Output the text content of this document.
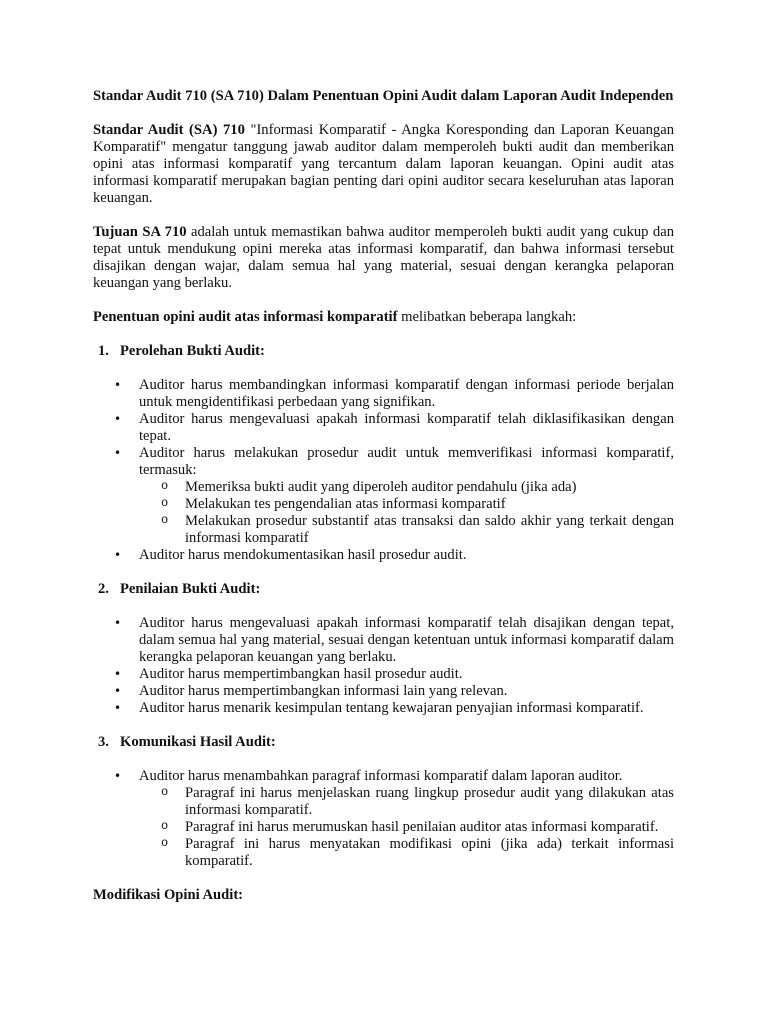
Standar Audit 710 (SA 710) Dalam Penentuan Opini Audit dalam Laporan Audit Independen

Standar Audit (SA) 710 "Informasi Komparatif - Angka Koresponding dan Laporan Keuangan Komparatif" mengatur tanggung jawab auditor dalam memperoleh bukti audit dan memberikan opini atas informasi komparatif yang tercantum dalam laporan keuangan. Opini audit atas informasi komparatif merupakan bagian penting dari opini auditor secara keseluruhan atas laporan keuangan.

Tujuan SA 710 adalah untuk memastikan bahwa auditor memperoleh bukti audit yang cukup dan tepat untuk mendukung opini mereka atas informasi komparatif, dan bahwa informasi tersebut disajikan dengan wajar, dalam semua hal yang material, sesuai dengan kerangka pelaporan keuangan yang berlaku.

Penentuan opini audit atas informasi komparatif melibatkan beberapa langkah:

1. Perolehan Bukti Audit:

• Auditor harus membandingkan informasi komparatif dengan informasi periode berjalan untuk mengidentifikasi perbedaan yang signifikan.
• Auditor harus mengevaluasi apakah informasi komparatif telah diklasifikasikan dengan tepat.
• Auditor harus melakukan prosedur audit untuk memverifikasi informasi komparatif, termasuk:
o Memeriksa bukti audit yang diperoleh auditor pendahulu (jika ada)
o Melakukan tes pengendalian atas informasi komparatif
o Melakukan prosedur substantif atas transaksi dan saldo akhir yang terkait dengan informasi komparatif
• Auditor harus mendokumentasikan hasil prosedur audit.

2. Penilaian Bukti Audit:

• Auditor harus mengevaluasi apakah informasi komparatif telah disajikan dengan tepat, dalam semua hal yang material, sesuai dengan ketentuan untuk informasi komparatif dalam kerangka pelaporan keuangan yang berlaku.
• Auditor harus mempertimbangkan hasil prosedur audit.
• Auditor harus mempertimbangkan informasi lain yang relevan.
• Auditor harus menarik kesimpulan tentang kewajaran penyajian informasi komparatif.

3. Komunikasi Hasil Audit:

• Auditor harus menambahkan paragraf informasi komparatif dalam laporan auditor.
o Paragraf ini harus menjelaskan ruang lingkup prosedur audit yang dilakukan atas informasi komparatif.
o Paragraf ini harus merumuskan hasil penilaian auditor atas informasi komparatif.
o Paragraf ini harus menyatakan modifikasi opini (jika ada) terkait informasi komparatif.

Modifikasi Opini Audit:
